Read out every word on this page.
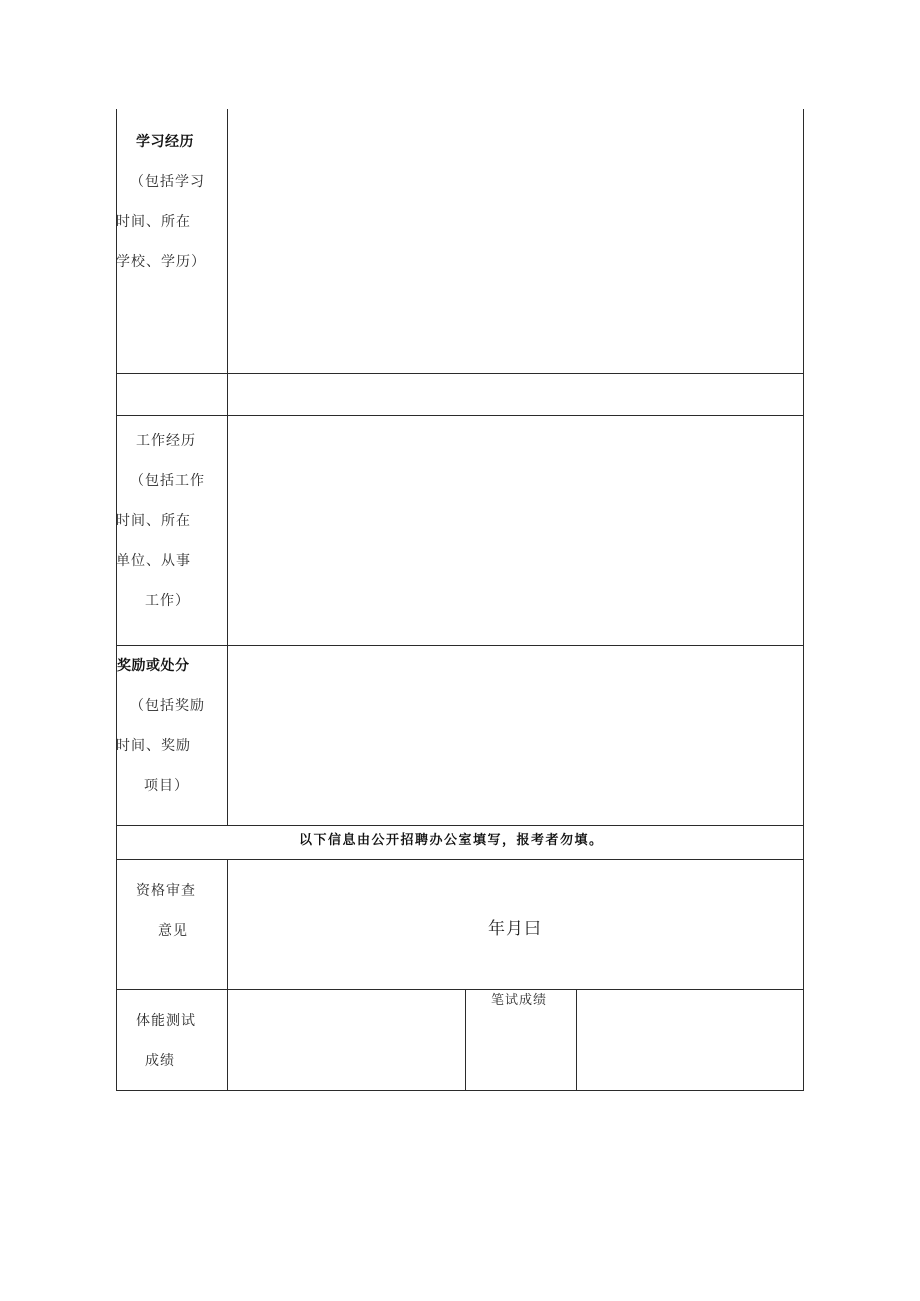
学习经历
（包括学习
时间、所在
学校、学历）
工作经历
（包括工作
时间、所在
单位、从事
工作）
奖励或处分
（包括奖励
时间、奖励
项目）
以下信息由公开招聘办公室填写，报考者勿填。
资格审查
意见	年月曰
体能测试
成绩
笔试成绩
